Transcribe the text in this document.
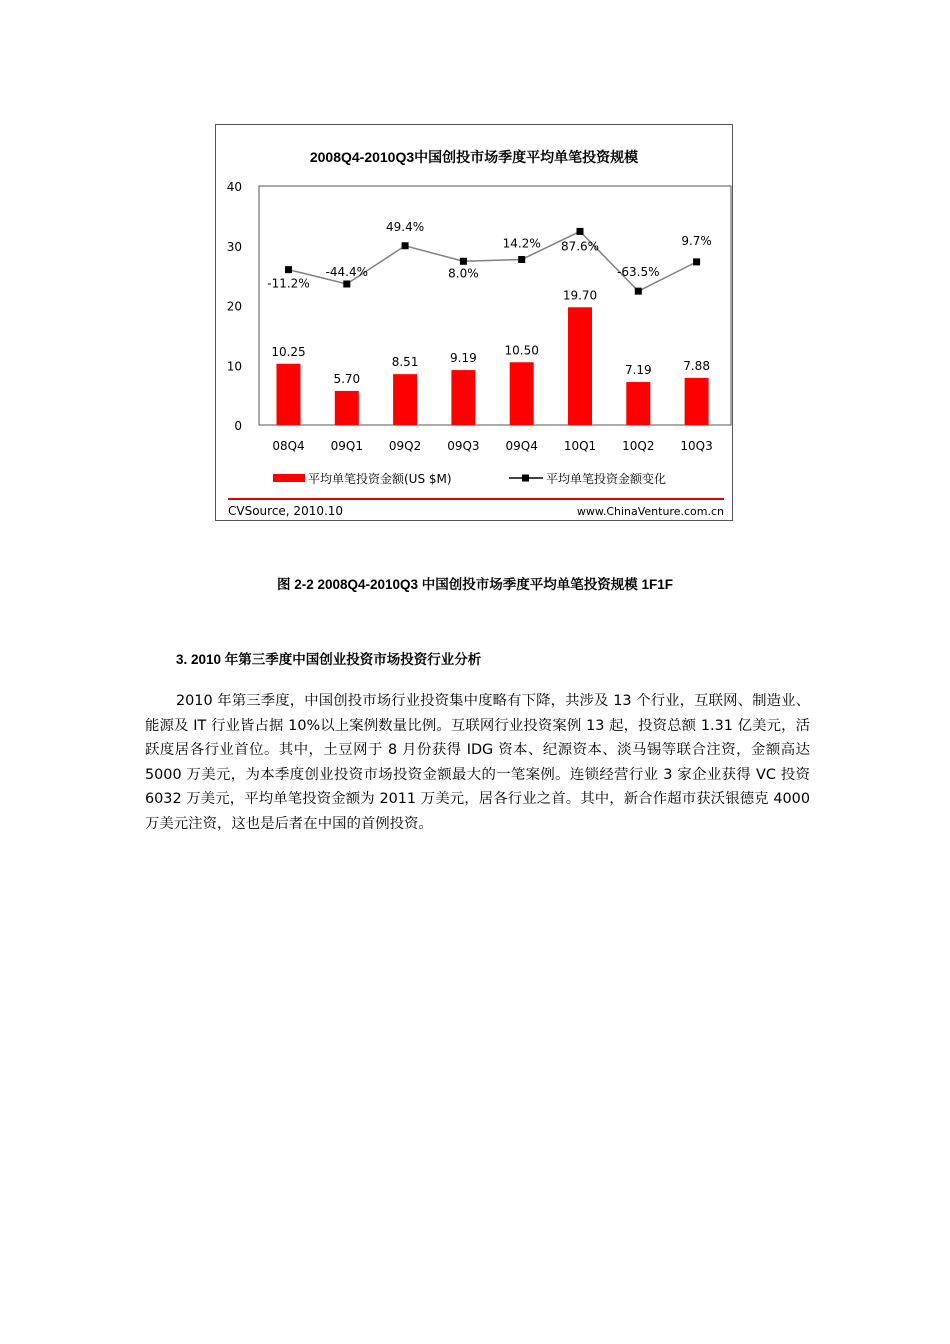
2008Q4-2010Q3中国创投市场季度平均单笔投资规模
0
10
20
30
40
08Q4 09Q1 09Q2 09Q3 09Q4 10Q1 10Q2 10Q3
10.25
5.70
8.51	9.19
10.50
19.70
7.19	7.88
-11.2%
-44.4%
49.4%
8.0%
14.2% 87.6%
-63.5%
9.7%
平均单笔投资金额(US $M)	平均单笔投资金额变化
CVSource, 2010.10	www.ChinaVenture.com.cn
图 2-2 2008Q4-2010Q3 中国创投市场季度平均单笔投资规模 1F1F
3. 2010 年第三季度中国创业投资市场投资行业分析

2010 年第三季度，中国创投市场行业投资集中度略有下降，共涉及 13 个行业，互联网、制造业、能源及 IT 行业皆占据 10%以上案例数量比例。互联网行业投资案例 13 起，投资总额 1.31 亿美元，活跃度居各行业首位。其中，土豆网于 8 月份获得 IDG 资本、纪源资本、淡马锡等联合注资，金额高达 5000 万美元，为本季度创业投资市场投资金额最大的一笔案例。连锁经营行业 3 家企业获得 VC 投资 6032 万美元，平均单笔投资金额为 2011 万美元，居各行业之首。其中，新合作超市获沃银德克 4000 万美元注资，这也是后者在中国的首例投资。
